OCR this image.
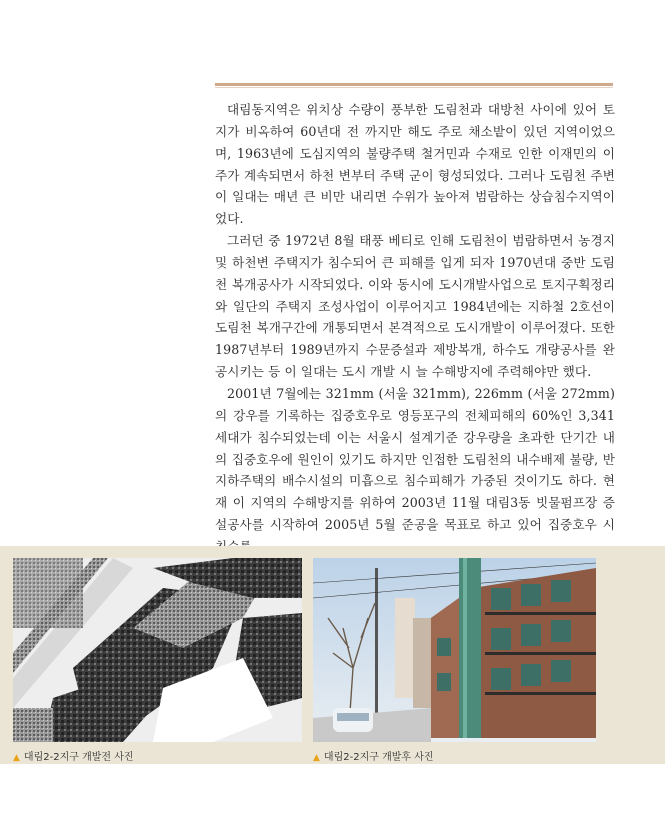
대림동지역은 위치상 수량이 풍부한 도림천과 대방천 사이에 있어 토지가 비옥하여 60년대 전 까지만 해도 주로 채소밭이 있던 지역이었으며, 1963년에 도심지역의 불량주택 철거민과 수재로 인한 이재민의 이주가 계속되면서 하천 변부터 주택 군이 형성되었다. 그러나 도림천 주변 이 일대는 매년 큰 비만 내리면 수위가 높아져 범람하는 상습침수지역이었다.

그러던 중 1972년 8월 태풍 베티로 인해 도림천이 범람하면서 농경지 및 하천변 주택지가 침수되어 큰 피해를 입게 되자 1970년대 중반 도림천 복개공사가 시작되었다. 이와 동시에 도시개발사업으로 토지구획정리와 일단의 주택지 조성사업이 이루어지고 1984년에는 지하철 2호선이 도림천 복개구간에 개통되면서 본격적으로 도시개발이 이루어졌다. 또한 1987년부터 1989년까지 수문증설과 제방복개, 하수도 개량공사를 완공시키는 등 이 일대는 도시 개발 시 늘 수해방지에 주력해야만 했다.

2001년 7월에는 321mm (서울 321mm), 226mm (서울 272mm)의 강우를 기록하는 집중호우로 영등포구의 전체피해의 60%인 3,341세대가 침수되었는데 이는 서울시 설계기준 강우량을 초과한 단기간 내의 집중호우에 원인이 있기도 하지만 인접한 도림천의 내수배제 불량, 반지하주택의 배수시설의 미흡으로 침수피해가 가중된 것이기도 하다. 현재 이 지역의 수해방지를 위하여 2003년 11월 대림3동 빗물펌프장 증설공사를 시작하여 2005년 5월 준공을 목표로 하고 있어 집중호우 시

▲ 대림2-2지구 개발전 사진	▲ 대림2-2지구 개발후 사진
